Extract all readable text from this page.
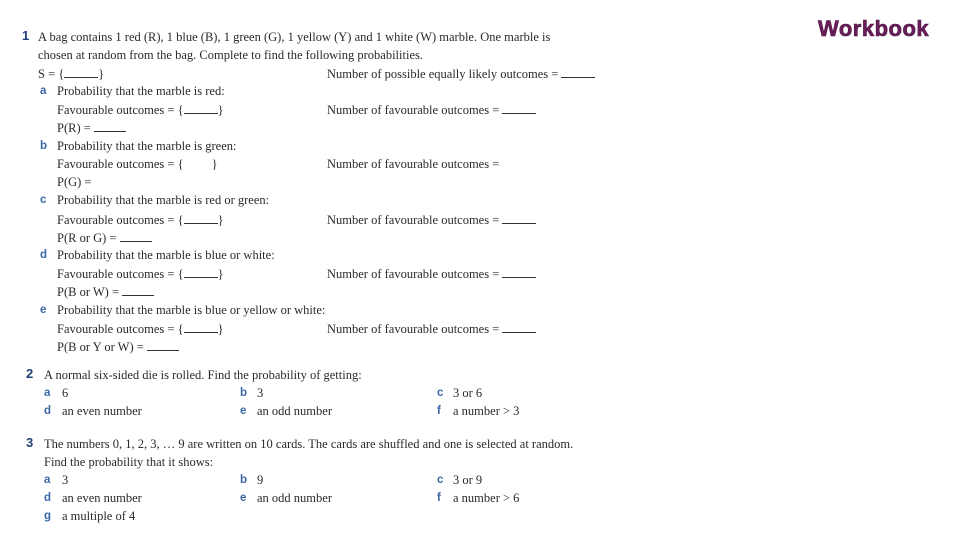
Workbook
1 A bag contains 1 red (R), 1 blue (B), 1 green (G), 1 yellow (Y) and 1 white (W) marble. One marble is
chosen at random from the bag. Complete to find the following probabilities.
S = {	}	Number of possible equally likely outcomes =
a Probability that the marble is red:
Favourable outcomes = {	}	Number of favourable outcomes =
P(R) =
b Probability that the marble is green:
Favourable outcomes = { }	Number of favourable outcomes =
P(G) =
c Probability that the marble is red or green:
Favourable outcomes = {	}	Number of favourable outcomes =
P(R or G) =
d Probability that the marble is blue or white:
Favourable outcomes = {	}	Number of favourable outcomes =
P(B or W) =
e Probability that the marble is blue or yellow or white:
Favourable outcomes = {	}	Number of favourable outcomes =
P(B or Y or W) =
2 A normal six-sided die is rolled. Find the probability of getting:
a 6	b 3	c 3 or 6
d an even number	e an odd number	f a number > 3
3 The numbers 0, 1, 2, 3, … 9 are written on 10 cards. The cards are shuffled and one is selected at random.
Find the probability that it shows:
a 3	b 9	c 3 or 9
d an even number	e an odd number	f a number > 6
g a multiple of 4
